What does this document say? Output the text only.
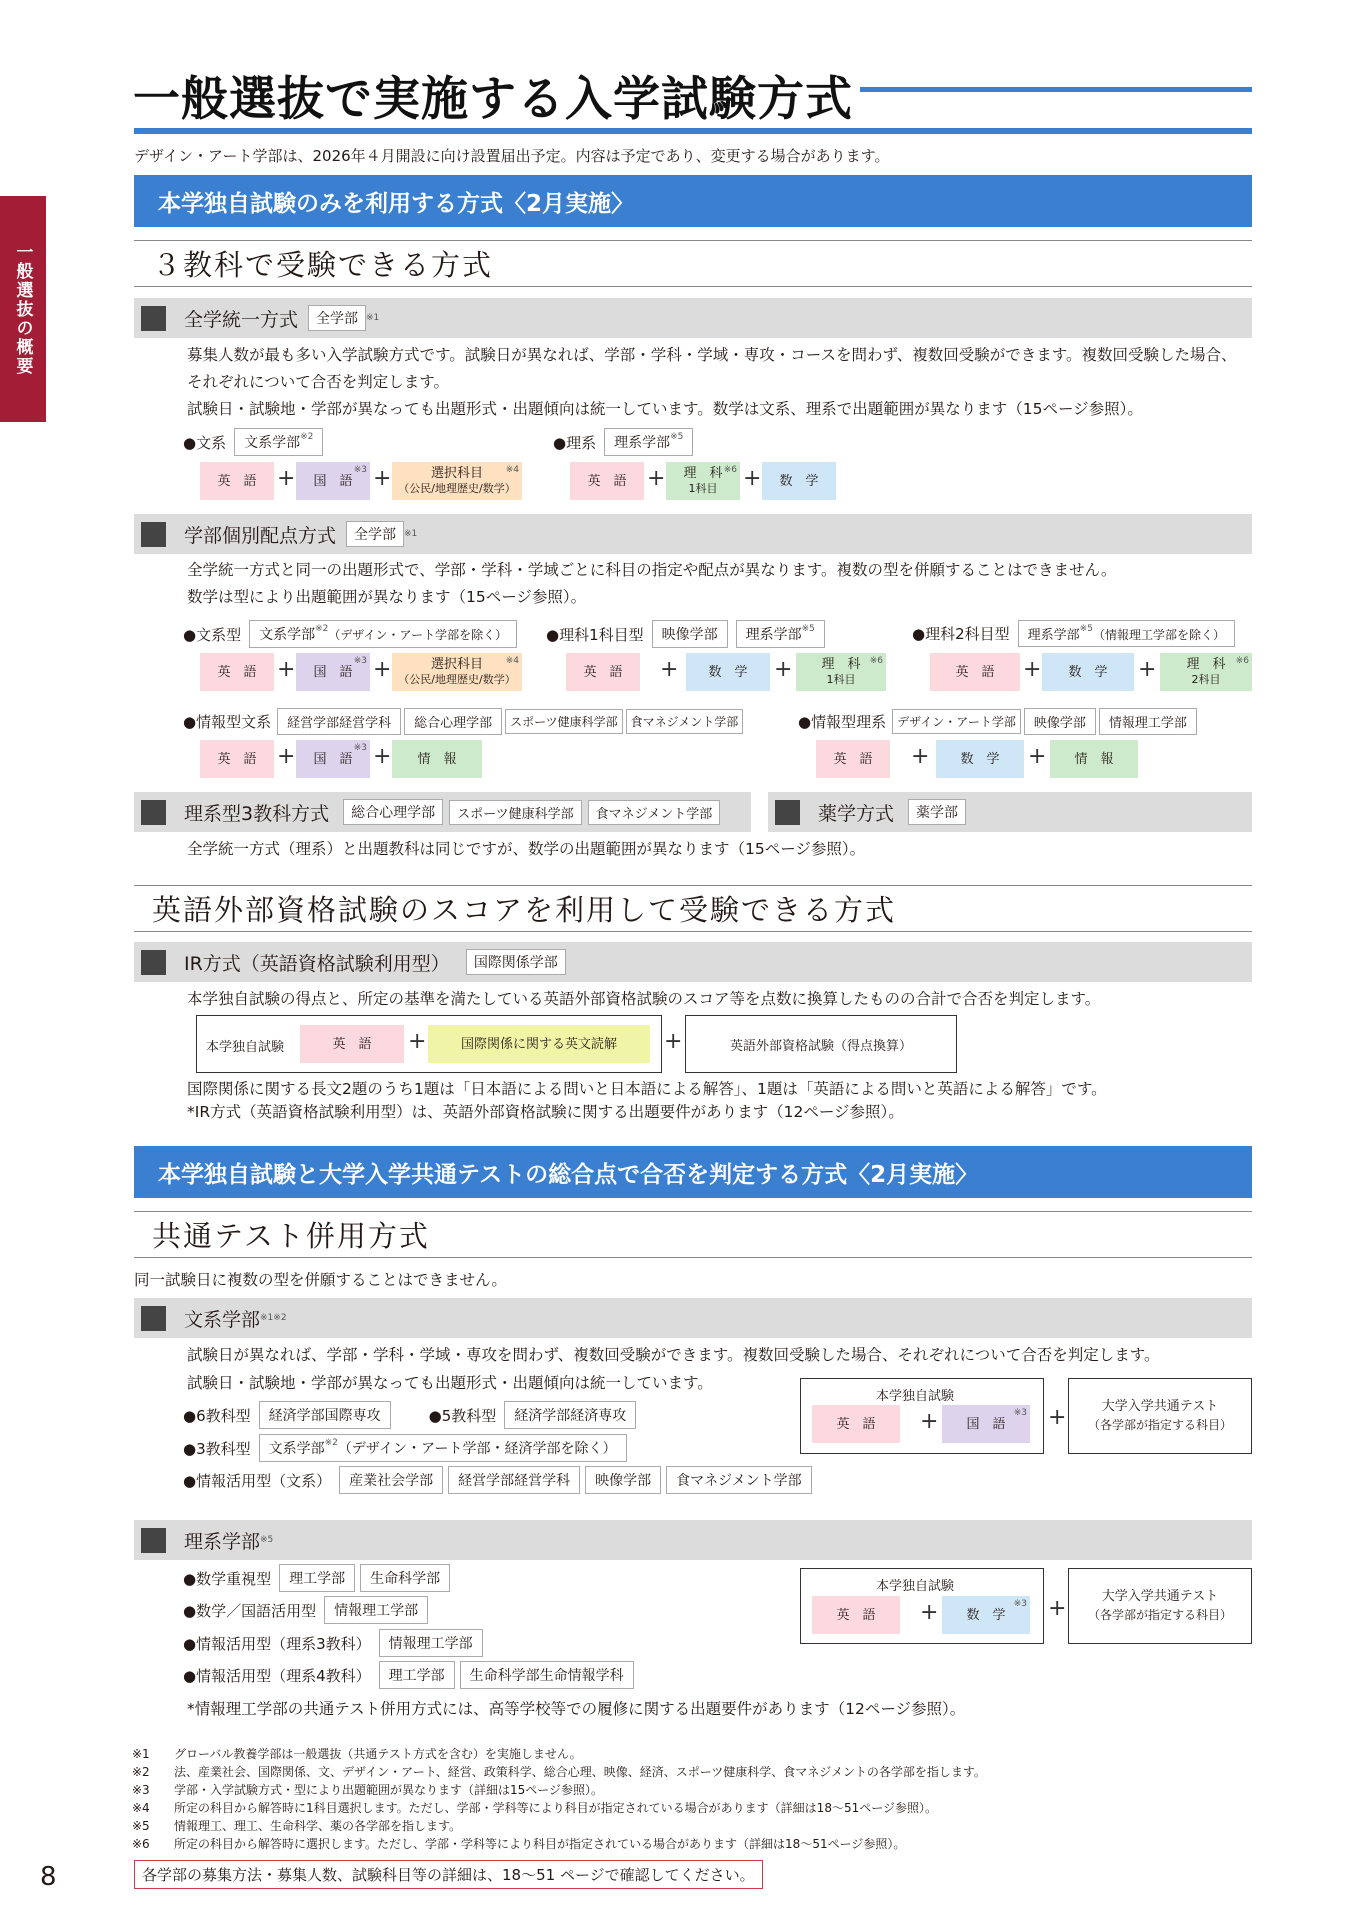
一般選抜の概要
一般選抜で実施する入学試験方式
デザイン・アート学部は、2026年４月開設に向け設置届出予定。内容は予定であり、変更する場合があります。
本学独自試験のみを利用する方式〈2月実施〉
３教科で受験できる方式
全学統一方式	全学部 ※1
募集人数が最も多い入学試験方式です。試験日が異なれば、学部・学科・学域・専攻・コースを問わず、複数回受験ができます。複数回受験した場合、
それぞれについて合否を判定します。
試験日・試験地・学部が異なっても出題形式・出題傾向は統一しています。数学は文系、理系で出題範囲が異なります（15ページ参照）。
●文系	文系学部$^{※2}$	●理系	理系学部$^{※5}$
英　語 + 国　語
※3 +	選択科目
（公民/地理歴史/数学）
※4
英　語 + 理　科
1科目
※6 + 数　学
学部個別配点方式	全学部 ※1
全学統一方式と同一の出題形式で、学部・学科・学域ごとに科目の指定や配点が異なります。複数の型を併願することはできません。
数学は型により出題範囲が異なります（15ページ参照）。
●文系型	文系学部$^{※2}$（デザイン・アート学部を除く）	●理科1科目型	映像学部	理系学部$^{※5}$	●理科2科目型	理系学部$^{※5}$（情報理工学部を除く）
英　語 + 国　語
※3 +	選択科目
（公民/地理歴史/数学）
※4
英　語 + 数　学 + 理　科
1科目
※6
英　語 + 数　学 + 理　科
2科目
※6
●情報型文系	経営学部経営学科	総合心理学部	スポーツ健康科学部	食マネジメント学部	●情報型理系 デザイン・アート学部	映像学部	情報理工学部
英　語 + 国　語
※3 + 情　報	英　語 + 数　学 + 情　報
理系型3教科方式	総合心理学部	スポーツ健康科学部	食マネジメント学部	薬学方式	薬学部
全学統一方式（理系）と出題教科は同じですが、数学の出題範囲が異なります（15ページ参照）。
英語外部資格試験のスコアを利用して受験できる方式
IR方式（英語資格試験利用型）	国際関係学部
本学独自試験の得点と、所定の基準を満たしている英語外部資格試験のスコア等を点数に換算したものの合計で合否を判定します。
本学独自試験	英　語 +	国際関係に関する英文読解 +	英語外部資格試験（得点換算）
国際関係に関する長文2題のうち1題は「日本語による問いと日本語による解答」、1題は「英語による問いと英語による解答」です。
*IR方式（英語資格試験利用型）は、英語外部資格試験に関する出題要件があります（12ページ参照）。
本学独自試験と大学入学共通テストの総合点で合否を判定する方式〈2月実施〉
共通テスト併用方式
同一試験日に複数の型を併願することはできません。
文系学部 ※1※2
試験日が異なれば、学部・学科・学域・専攻を問わず、複数回受験ができます。複数回受験した場合、それぞれについて合否を判定します。
試験日・試験地・学部が異なっても出題形式・出題傾向は統一しています。
●6教科型	経済学部国際専攻	●5教科型	経済学部経済専攻
●3教科型	文系学部$^{※2}$（デザイン・アート学部・経済学部を除く）
●情報活用型（文系）	産業社会学部	経営学部経営学科	映像学部	食マネジメント学部
本学独自試験
英　語 + 国　語
※3 +	大学入学共通テスト
（各学部が指定する科目）
理系学部 ※5
●数学重視型	理工学部	生命科学部
●数学／国語活用型	情報理工学部
●情報活用型（理系3教科）	情報理工学部
●情報活用型（理系4教科）	理工学部	生命科学部生命情報学科
本学独自試験
英　語 + 数　学
※3 +	大学入学共通テスト
（各学部が指定する科目）
*情報理工学部の共通テスト併用方式には、高等学校等での履修に関する出題要件があります（12ページ参照）。
※1 グローバル教養学部は一般選抜（共通テスト方式を含む）を実施しません。
※2 法、産業社会、国際関係、文、デザイン・アート、経営、政策科学、総合心理、映像、経済、スポーツ健康科学、食マネジメントの各学部を指します。
※3 学部・入学試験方式・型により出題範囲が異なります（詳細は15ページ参照）。
※4 所定の科目から解答時に1科目選択します。ただし、学部・学科等により科目が指定されている場合があります（詳細は18〜51ページ参照）。
※5 情報理工、理工、生命科学、薬の各学部を指します。
※6 所定の科目から解答時に選択します。ただし、学部・学科等により科目が指定されている場合があります（詳細は18〜51ページ参照）。
8	各学部の募集方法・募集人数、試験科目等の詳細は、18〜51 ページで確認してください。
